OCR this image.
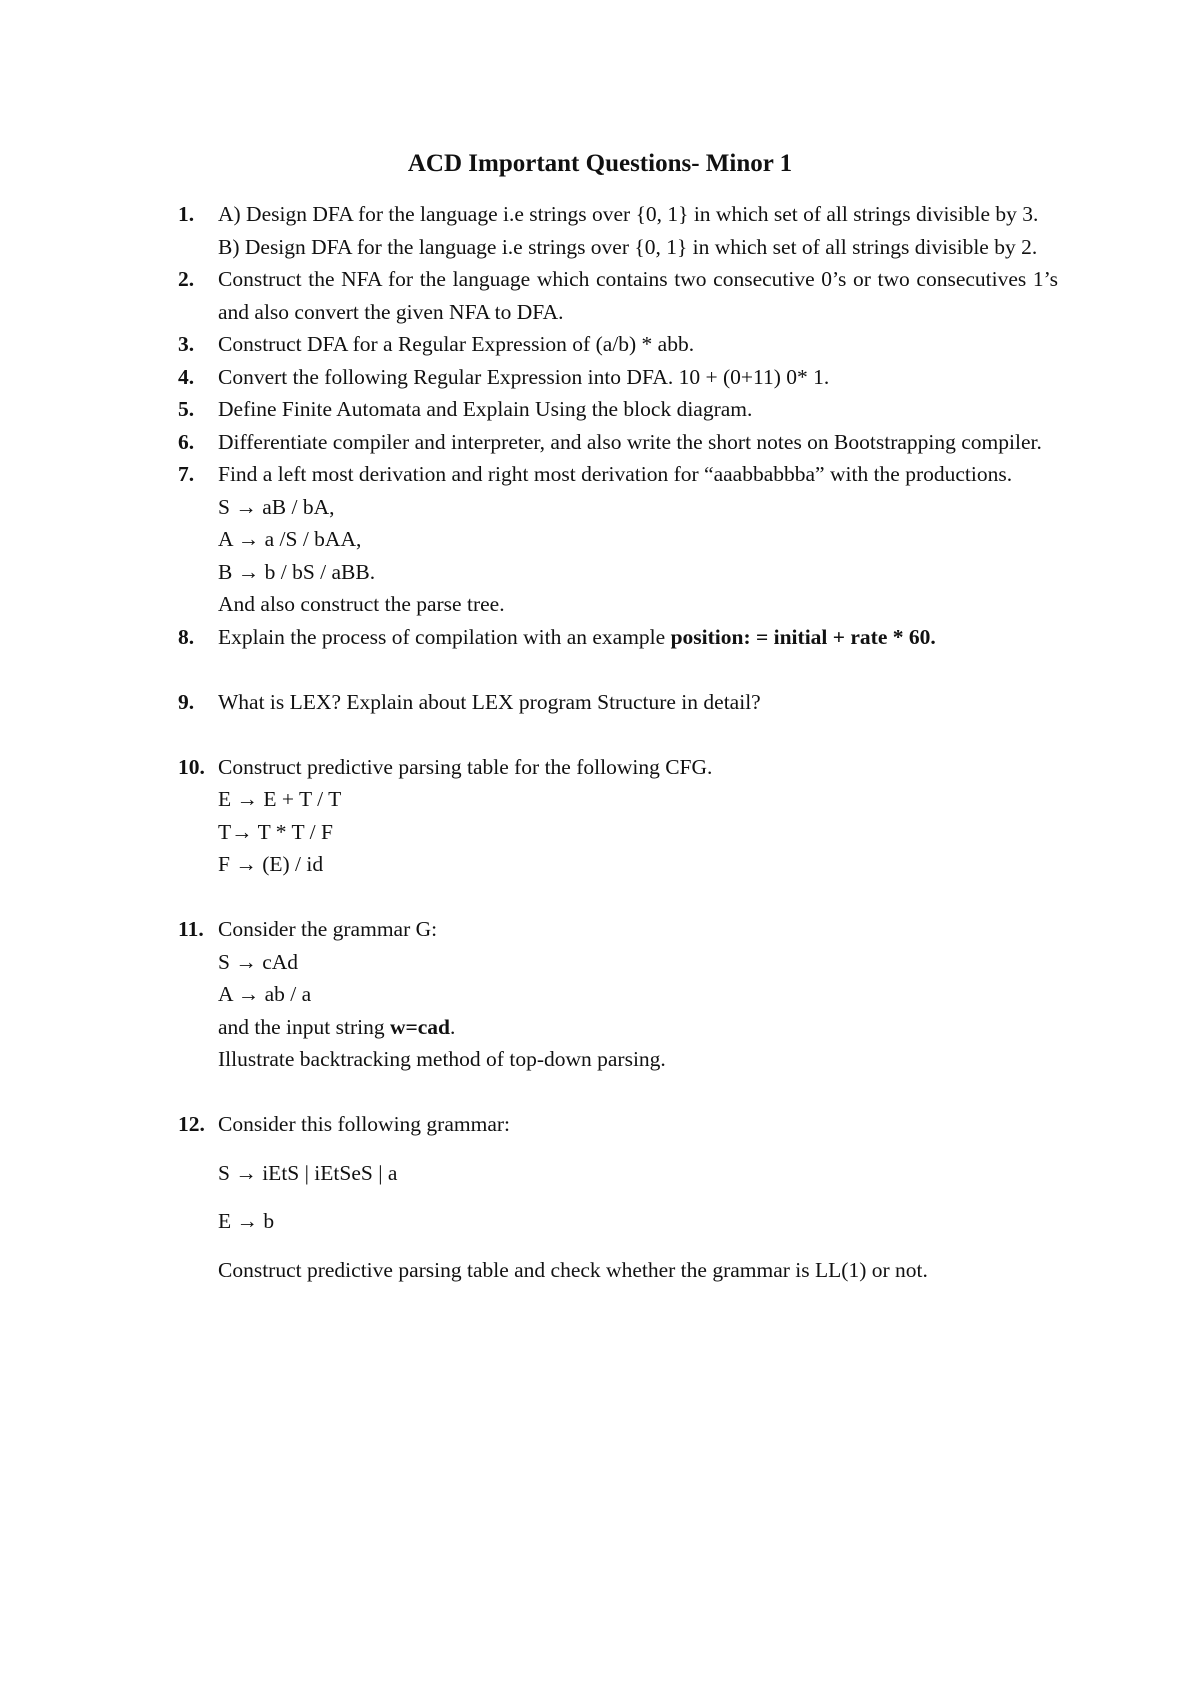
ACD Important Questions- Minor 1
1.	A) Design DFA for the language i.e strings over {0, 1} in which set of all strings divisible by 3.
B) Design DFA for the language i.e strings over {0, 1} in which set of all strings divisible by 2.
2.	Construct the NFA for the language which contains two consecutive 0’s or two consecutives 1’s and also convert the given NFA to DFA.
3.	Construct DFA for a Regular Expression of (a/b) * abb.
4.	Convert the following Regular Expression into DFA. 10 + (0+11) 0* 1.
5.	Define Finite Automata and Explain Using the block diagram.
6.	Differentiate compiler and interpreter, and also write the short notes on Bootstrapping compiler.
7.	Find a left most derivation and right most derivation for “aaabbabbba” with the productions.
S → aB / bA,
A → a /S / bAA,
B → b / bS / aBB.
And also construct the parse tree.
8.	Explain the process of compilation with an example position: = initial + rate * 60.
9.	What is LEX? Explain about LEX program Structure in detail?
10. Construct predictive parsing table for the following CFG.
E → E + T / T
T→ T * T / F
F → (E) / id
11. Consider the grammar G:
S → cAd
A → ab / a
and the input string w=cad.
Illustrate backtracking method of top-down parsing.
12. Consider this following grammar:
S → iEtS | iEtSeS | a
E → b
Construct predictive parsing table and check whether the grammar is LL(1) or not.
